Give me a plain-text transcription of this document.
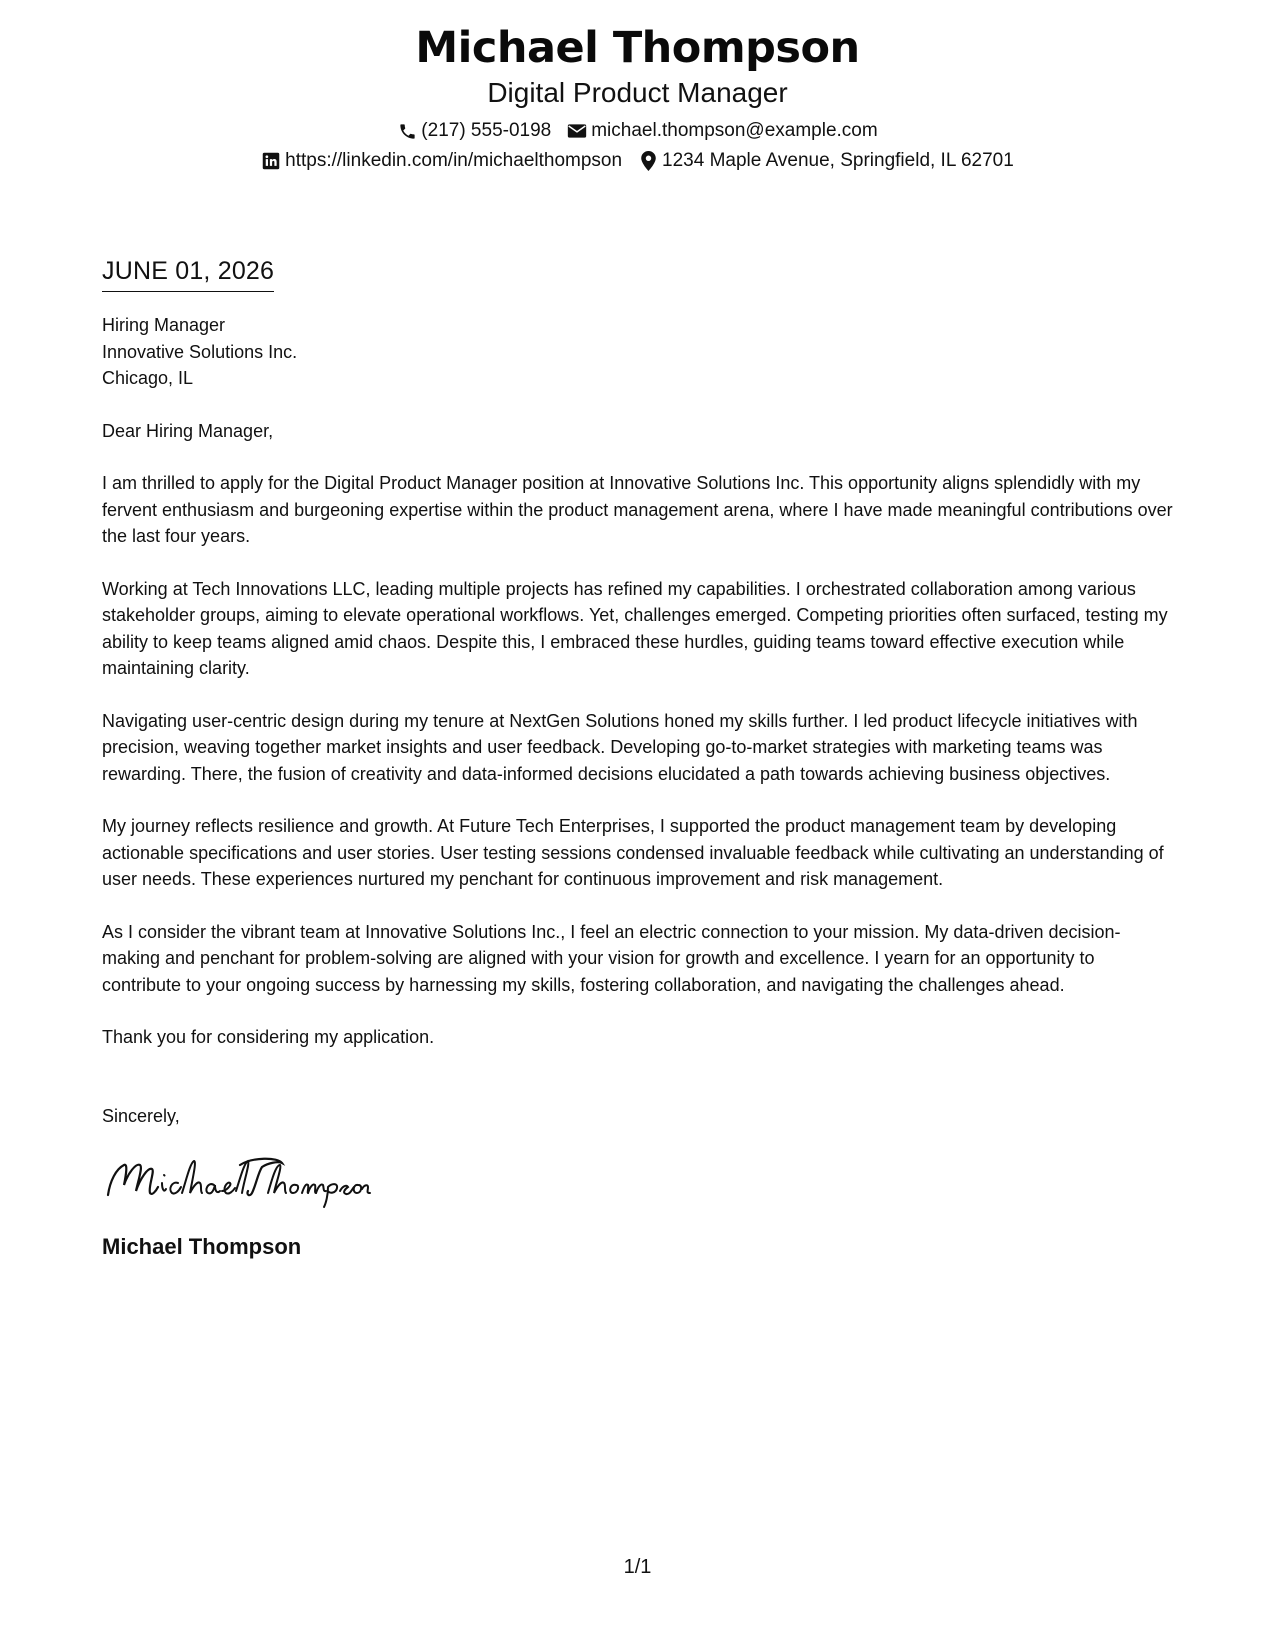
Michael Thompson
Digital Product Manager
(217) 555-0198 michael.thompson@example.com
https://linkedin.com/in/michaelthompson 1234 Maple Avenue, Springfield, IL 62701
JUNE 01, 2026
Hiring Manager
Innovative Solutions Inc.
Chicago, IL
Dear Hiring Manager,

I am thrilled to apply for the Digital Product Manager position at Innovative Solutions Inc. This opportunity aligns splendidly with my fervent enthusiasm and burgeoning expertise within the product management arena, where I have made meaningful contributions over the last four years.

Working at Tech Innovations LLC, leading multiple projects has refined my capabilities. I orchestrated collaboration among various stakeholder groups, aiming to elevate operational workflows. Yet, challenges emerged. Competing priorities often surfaced, testing my ability to keep teams aligned amid chaos. Despite this, I embraced these hurdles, guiding teams toward effective execution while maintaining clarity.

Navigating user-centric design during my tenure at NextGen Solutions honed my skills further. I led product lifecycle initiatives with precision, weaving together market insights and user feedback. Developing go-to-market strategies with marketing teams was rewarding. There, the fusion of creativity and data-informed decisions elucidated a path towards achieving business objectives.

My journey reflects resilience and growth. At Future Tech Enterprises, I supported the product management team by developing actionable specifications and user stories. User testing sessions condensed invaluable feedback while cultivating an understanding of user needs. These experiences nurtured my penchant for continuous improvement and risk management.

As I consider the vibrant team at Innovative Solutions Inc., I feel an electric connection to your mission. My data-driven decision-making and penchant for problem-solving are aligned with your vision for growth and excellence. I yearn for an opportunity to contribute to your ongoing success by harnessing my skills, fostering collaboration, and navigating the challenges ahead.

Thank you for considering my application.

Sincerely,
Michael Thompson
1/1
